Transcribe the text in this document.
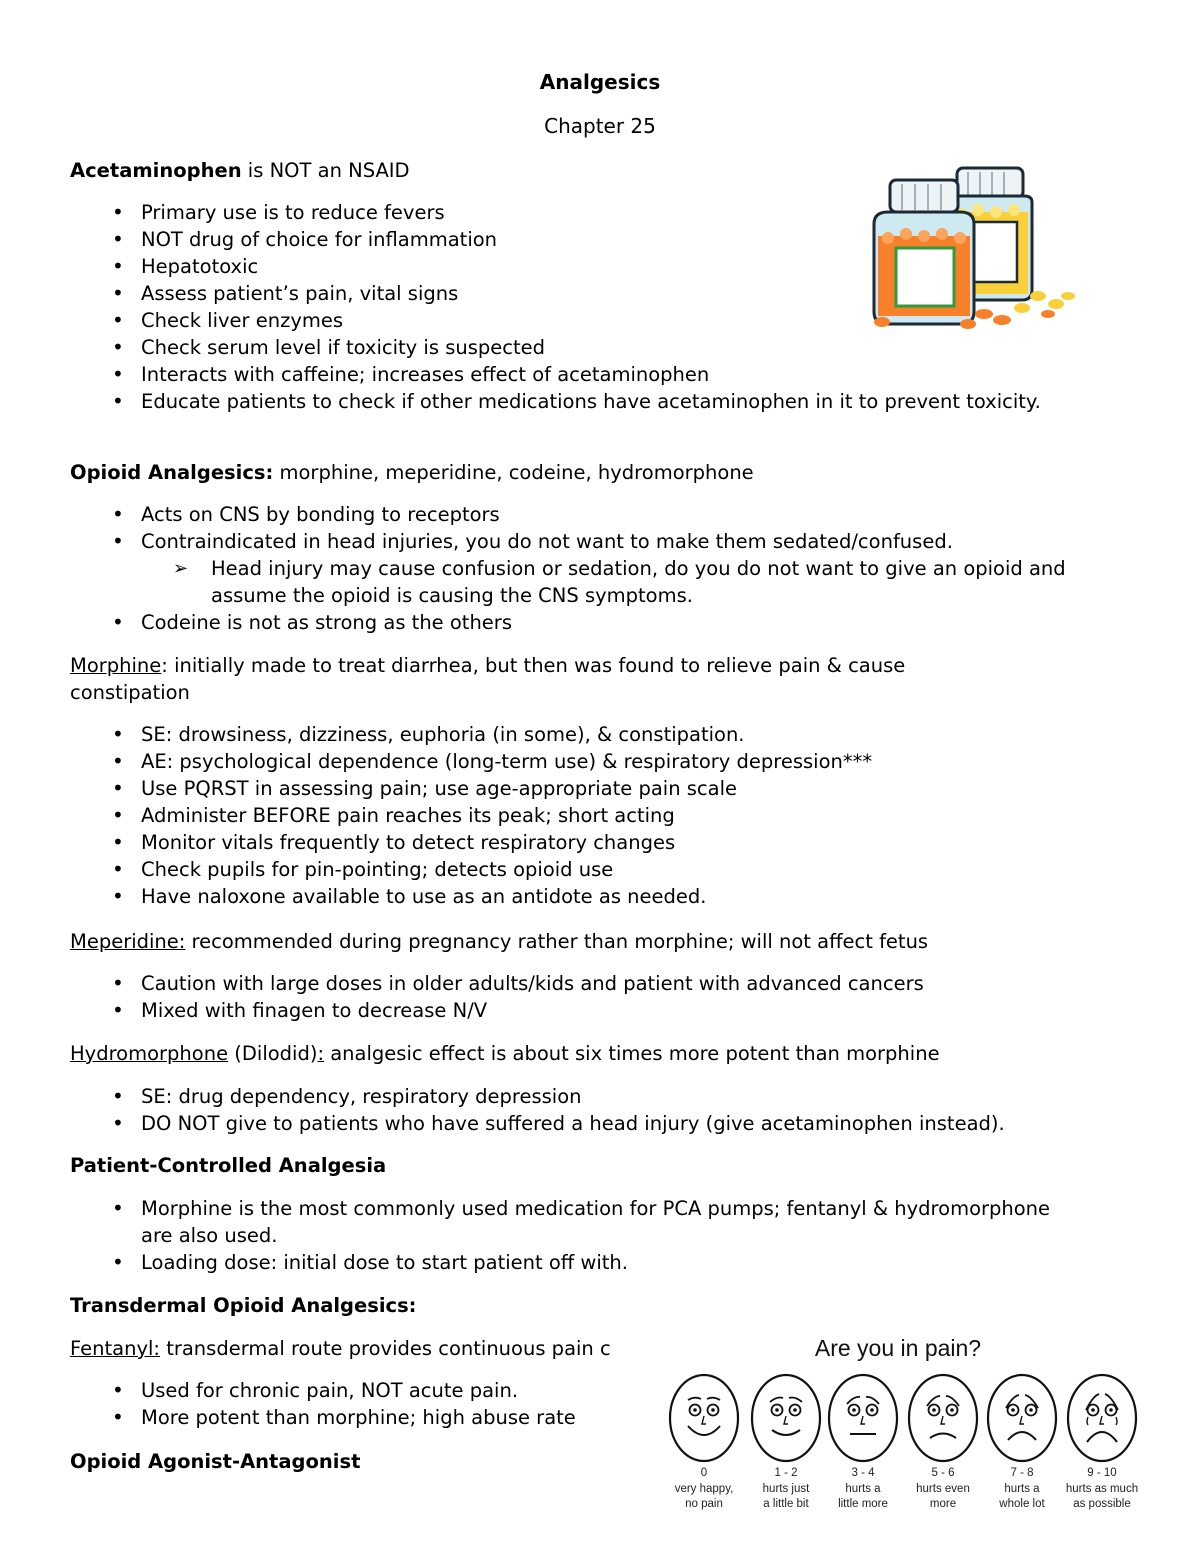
Analgesics
Chapter 25
Acetaminophen is NOT an NSAID
• Primary use is to reduce fevers
• NOT drug of choice for inflammation
• Hepatotoxic
• Assess patient’s pain, vital signs
• Check liver enzymes
• Check serum level if toxicity is suspected
• Interacts with caffeine; increases effect of acetaminophen
• Educate patients to check if other medications have acetaminophen in it to prevent toxicity.
Opioid Analgesics: morphine, meperidine, codeine, hydromorphone
• Acts on CNS by bonding to receptors
• Contraindicated in head injuries, you do not want to make them sedated/confused.
➢ Head injury may cause confusion or sedation, do you do not want to give an opioid and assume the opioid is causing the CNS symptoms.
• Codeine is not as strong as the others
Morphine: initially made to treat diarrhea, but then was found to relieve pain & cause constipation
• SE: drowsiness, dizziness, euphoria (in some), & constipation.
• AE: psychological dependence (long-term use) & respiratory depression***
• Use PQRST in assessing pain; use age-appropriate pain scale
• Administer BEFORE pain reaches its peak; short acting
• Monitor vitals frequently to detect respiratory changes
• Check pupils for pin-pointing; detects opioid use
• Have naloxone available to use as an antidote as needed.
Meperidine: recommended during pregnancy rather than morphine; will not affect fetus
• Caution with large doses in older adults/kids and patient with advanced cancers
• Mixed with finagen to decrease N/V
Hydromorphone (Dilodid): analgesic effect is about six times more potent than morphine
• SE: drug dependency, respiratory depression
• DO NOT give to patients who have suffered a head injury (give acetaminophen instead).
Patient-Controlled Analgesia
• Morphine is the most commonly used medication for PCA pumps; fentanyl & hydromorphone are also used.
• Loading dose: initial dose to start patient off with.
Transdermal Opioid Analgesics:
Fentanyl: transdermal route provides continuous pain c
• Used for chronic pain, NOT acute pain.
• More potent than morphine; high abuse rate
Opioid Agonist-Antagonist
Are you in pain?
0
very happy,
no pain
1 - 2
hurts just
a little bit
3 - 4
hurts a
little more
5 - 6
hurts even
more
7 - 8
hurts a
whole lot
9 - 10
hurts as much
as possible
